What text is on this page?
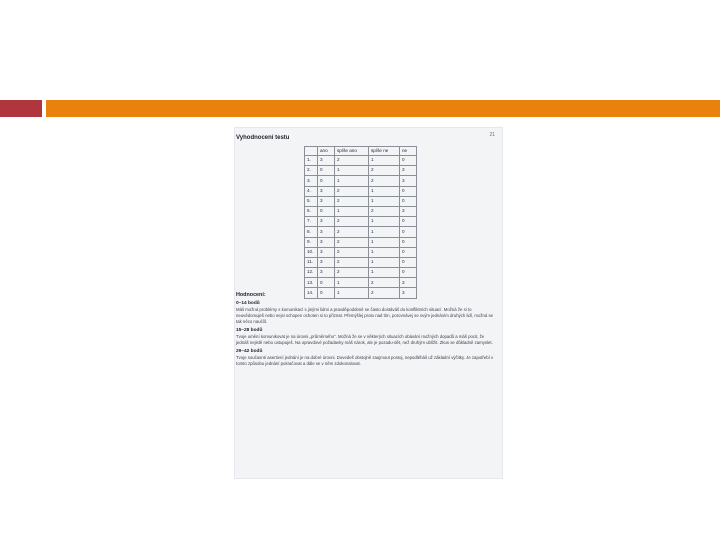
21
Vyhodnocení testu
	ano	spíše ano	spíše ne	ne
1.	3	2	1	0
2.	0	1	2	3
3.	0	1	2	3
4.	3	2	1	0
5.	3	2	1	0
6.	0	1	2	3
7.	3	2	1	0
8.	3	2	1	0
9.	3	2	1	0
10.	3	2	1	0
11.	3	2	1	0
12.	3	2	1	0
13.	0	1	2	3
14.	0	1	2	3
Hodnocení:
0–14 bodů

Máš možná problémy s komunikací s jinými lidmi a pravděpodobně se často dostáváš do konfliktních situací. Možná že si to neuvědomuješ nebo nejsi schopen ochoten si to přiznat. Přemýšlej proto nad tím, porovnávej se svým jednáním druhých lidí, možná se tak něco naučíš.

15–28 bodů

Tvoje umění komunikovat je na úrovni „průměrného“. Možná že se v některých situacích obávání možných dopadů a máš pocit, že jednáš nejistě nebo ustupuješ. Na opravdové požadavky máš nárok, ale je pozadu-dět, než druhým ublížit. Zkus se důkladně zamyslet.

29–42 bodů

Tvoje současné asertivní jednání je na dobré úrovni. Dovedeš obstojně zaujmout postoj, nepodléháš už základní výčitky. Je zapotřebí v tomto způsobu jednání pokračovat a dále se v něm zdokonalovat.
